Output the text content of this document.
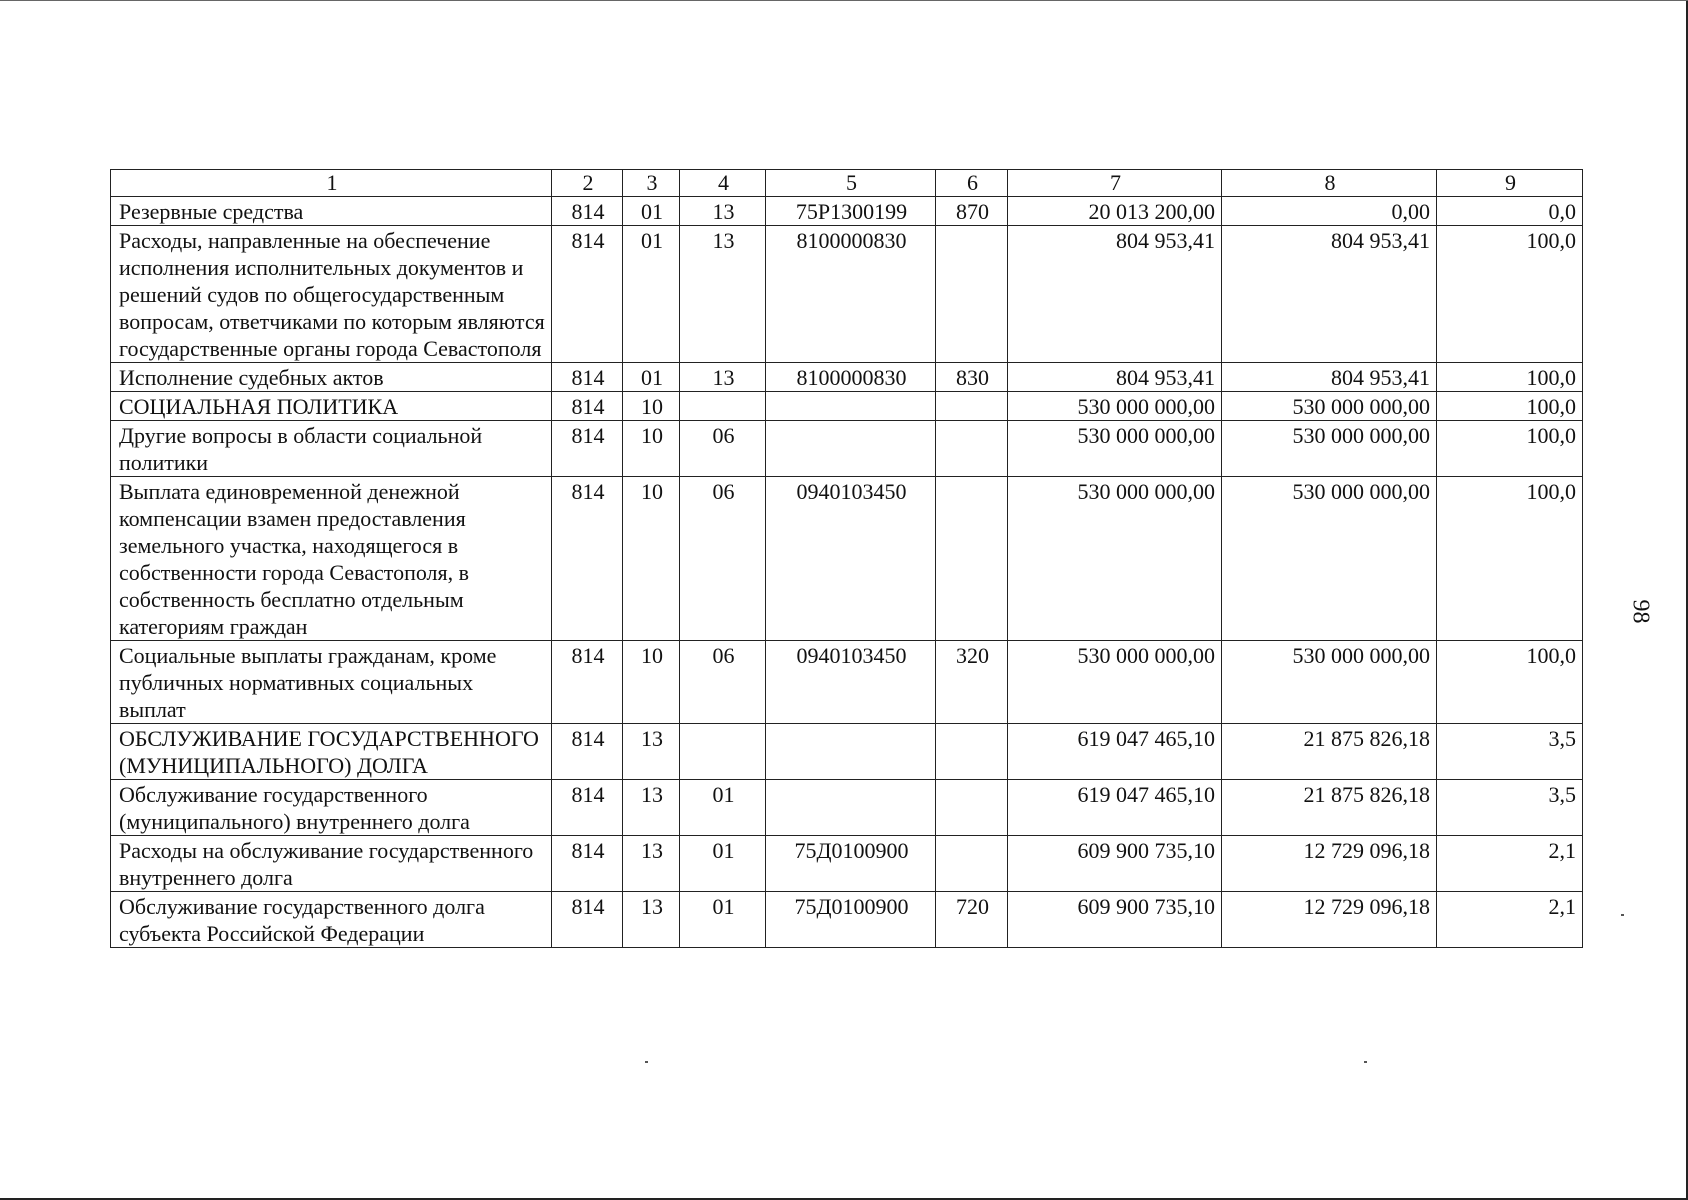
1	2	3	4	5	6	7	8	9
Резервные средства	814	01	13	75Р1300199	870	20 013 200,00	0,00	0,0
Расходы, направленные на обеспечение исполнения исполнительных документов и решений судов по общегосударственным вопросам, ответчиками по которым являются государственные органы города Севастополя	814	01	13	8100000830		804 953,41	804 953,41	100,0
Исполнение судебных актов	814	01	13	8100000830	830	804 953,41	804 953,41	100,0
СОЦИАЛЬНАЯ ПОЛИТИКА	814	10				530 000 000,00	530 000 000,00	100,0
Другие вопросы в области социальной политики	814	10	06			530 000 000,00	530 000 000,00	100,0
Выплата единовременной денежной компенсации взамен предоставления земельного участка, находящегося в собственности города Севастополя, в собственность бесплатно отдельным категориям граждан	814	10	06	0940103450		530 000 000,00	530 000 000,00	100,0
Социальные выплаты гражданам, кроме публичных нормативных социальных выплат	814	10	06	0940103450	320	530 000 000,00	530 000 000,00	100,0
ОБСЛУЖИВАНИЕ ГОСУДАРСТВЕННОГО (МУНИЦИПАЛЬНОГО) ДОЛГА	814	13				619 047 465,10	21 875 826,18	3,5
Обслуживание государственного (муниципального) внутреннего долга	814	13	01			619 047 465,10	21 875 826,18	3,5
Расходы на обслуживание государственного внутреннего долга	814	13	01	75Д0100900		609 900 735,10	12 729 096,18	2,1
Обслуживание государственного долга субъекта Российской Федерации	814	13	01	75Д0100900	720	609 900 735,10	12 729 096,18	2,1
98
